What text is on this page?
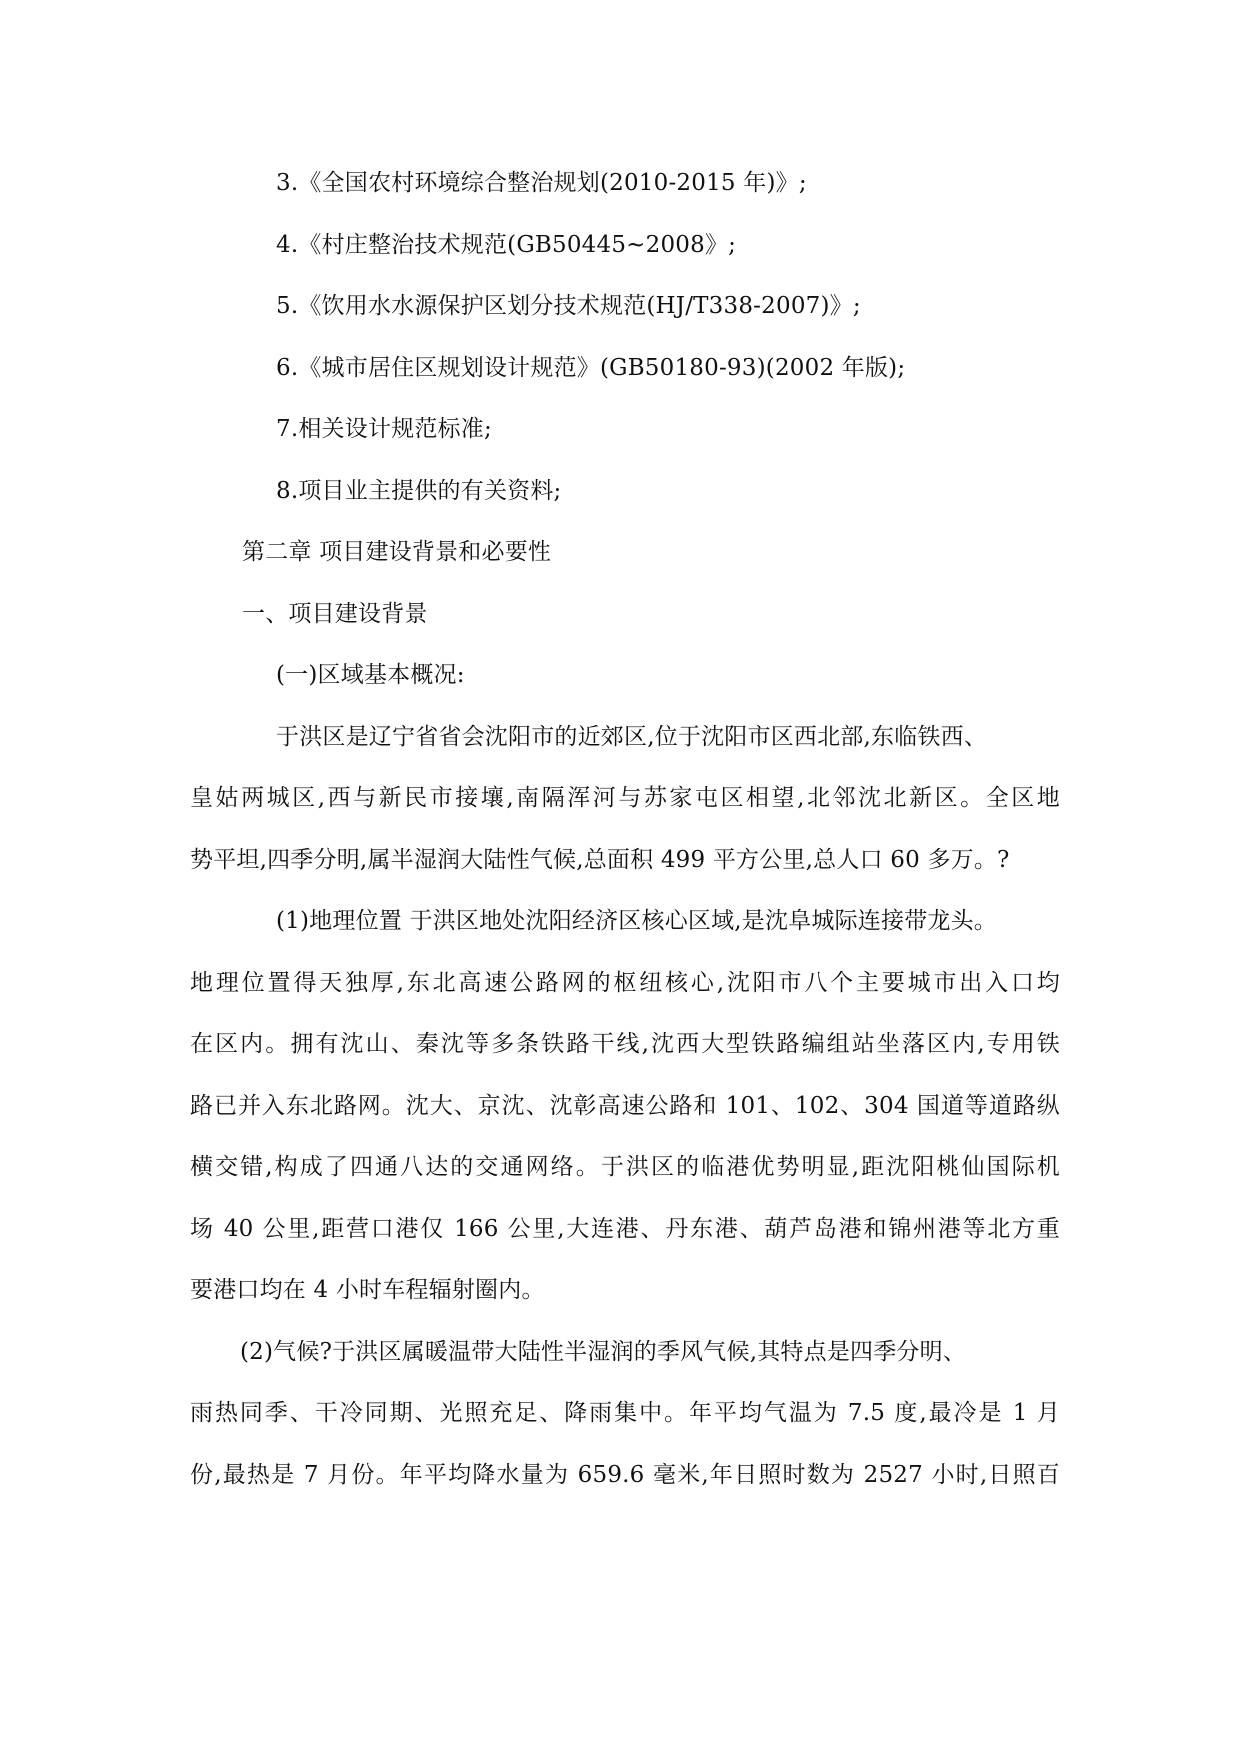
3.《全国农村环境综合整治规划(2010-2015 年)》;
4.《村庄整治技术规范(GB50445~2008》;
5.《饮用水水源保护区划分技术规范(HJ/T338-2007)》;
6.《城市居住区规划设计规范》(GB50180-93)(2002 年版);
7.相关设计规范标准;
8.项目业主提供的有关资料;
第二章 项目建设背景和必要性
一、项目建设背景
(一)区域基本概况:
于洪区是辽宁省省会沈阳市的近郊区,位于沈阳市区西北部,东临铁西、
皇姑两城区,西与新民市接壤,南隔浑河与苏家屯区相望,北邻沈北新区。全区地
势平坦,四季分明,属半湿润大陆性气候,总面积 499 平方公里,总人口 60 多万。?
(1)地理位置 于洪区地处沈阳经济区核心区域,是沈阜城际连接带龙头。
地理位置得天独厚,东北高速公路网的枢纽核心,沈阳市八个主要城市出入口均
在区内。拥有沈山、秦沈等多条铁路干线,沈西大型铁路编组站坐落区内,专用铁
路已并入东北路网。沈大、京沈、沈彰高速公路和 101、102、304 国道等道路纵
横交错,构成了四通八达的交通网络。于洪区的临港优势明显,距沈阳桃仙国际机
场 40 公里,距营口港仅 166 公里,大连港、丹东港、葫芦岛港和锦州港等北方重
要港口均在 4 小时车程辐射圈内。
(2)气候?于洪区属暖温带大陆性半湿润的季风气候,其特点是四季分明、
雨热同季、干冷同期、光照充足、降雨集中。年平均气温为 7.5 度,最冷是 1 月
份,最热是 7 月份。年平均降水量为 659.6 毫米,年日照时数为 2527 小时,日照百
